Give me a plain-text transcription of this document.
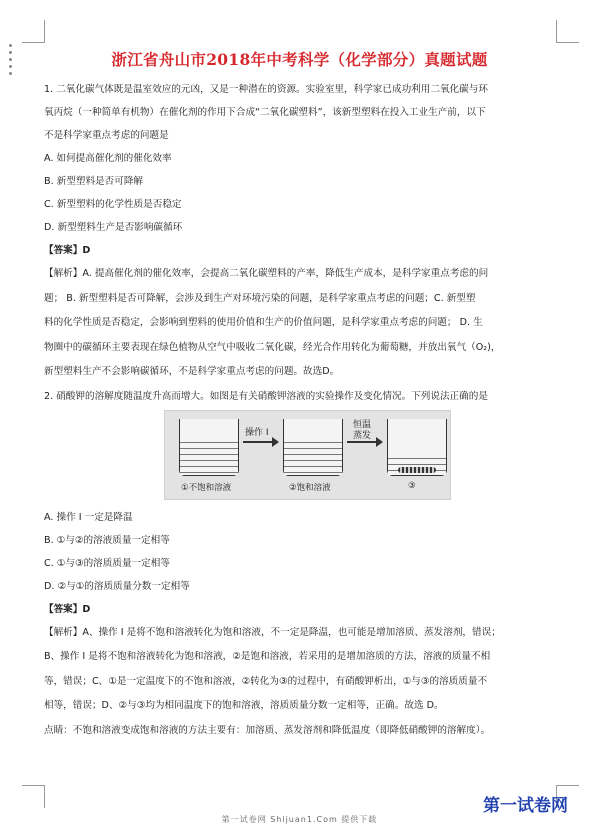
浙江省舟山市2018年中考科学（化学部分）真题试题
1. 二氧化碳气体既是温室效应的元凶，又是一种潜在的资源。实验室里，科学家已成功利用二氧化碳与环
氧丙烷（一种简单有机物）在催化剂的作用下合成“二氧化碳塑料”，该新型塑料在投入工业生产前，以下
不是科学家重点考虑的问题是
A. 如何提高催化剂的催化效率
B. 新型塑料是否可降解
C. 新型塑料的化学性质是否稳定
D. 新型塑料生产是否影响碳循环
【答案】D
【解析】A. 提高催化剂的催化效率，会提高二氧化碳塑料的产率，降低生产成本，是科学家重点考虑的问
题； B. 新型塑料是否可降解，会涉及到生产对环境污染的问题，是科学家重点考虑的问题；C. 新型塑
料的化学性质是否稳定，会影响到塑料的使用价值和生产的价值问题，是科学家重点考虑的问题； D. 生
物圈中的碳循环主要表现在绿色植物从空气中吸收二氧化碳，经光合作用转化为葡萄糖，并放出氧气（O₂)，
新型塑料生产不会影响碳循环，不是科学家重点考虑的问题。故选D。
2. 硝酸钾的溶解度随温度升高而增大。如图是有关硝酸钾溶液的实验操作及变化情况。下列说法正确的是
操作 I
恒温
蒸发
①不饱和溶液	②饱和溶液	③
A. 操作 I 一定是降温
B. ①与②的溶液质量一定相等
C. ①与③的溶质质量一定相等
D. ②与①的溶质质量分数一定相等
【答案】D
【解析】A、操作 I 是将不饱和溶液转化为饱和溶液，不一定是降温，也可能是增加溶质、蒸发溶剂，错误；
B、操作 I 是将不饱和溶液转化为饱和溶液，②是饱和溶液，若采用的是增加溶质的方法，溶液的质量不相
等，错误；C、①是一定温度下的不饱和溶液，②转化为③的过程中，有硝酸钾析出，①与③的溶质质量不
相等，错误；D、②与③均为相同温度下的饱和溶液，溶质质量分数一定相等，正确。故选 D。
点睛：不饱和溶液变成饱和溶液的方法主要有：加溶质、蒸发溶剂和降低温度（即降低硝酸钾的溶解度）。
第一试卷网
第一试卷网 Shijuan1.Com 提供下载
